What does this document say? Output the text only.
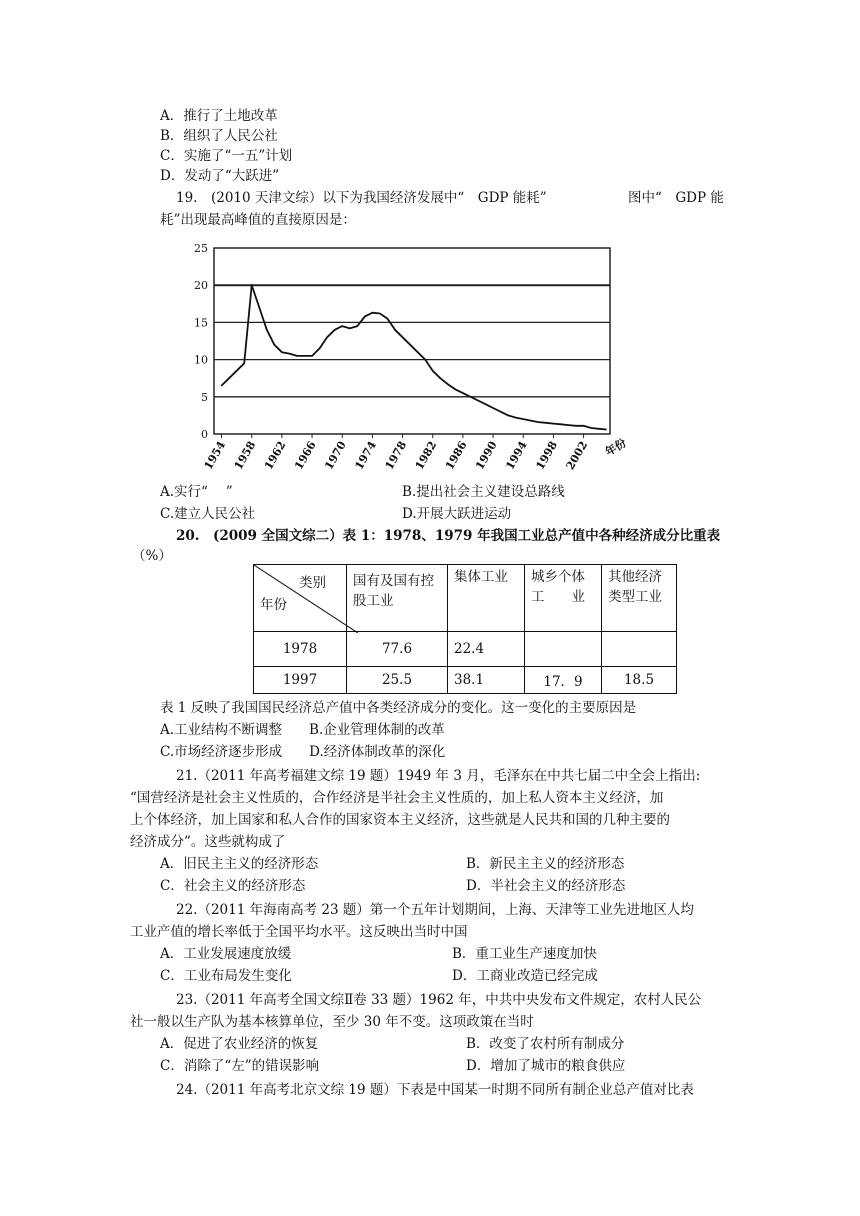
A．推行了土地改革
B．组织了人民公社
C．实施了“一五”计划
D．发动了“大跃进”
19.　(2010 天津文综）以下为我国经济发展中“　GDP 能耗”	图中“　GDP 能
耗”出现最高峰值的直接原因是：
0
5
10
15
20
25
1954 1958 1962 1966 1970 1974 1978 1982 1986 1990 1994 1998 2002 年份
A.实行“　 ”	B.提出社会主义建设总路线
C.建立人民公社	D.开展大跃进运动
20.　(2009 全国文综二）表 1：1978、1979 年我国工业总产值中各种经济成分比重表
（%）
类别
年份	国有及国有控股工业	集体工业	城乡个体工　　业	其他经济类型工业
1978	77.6	22.4		
1997	25.5	38.1	17．9	18.5
表 1 反映了我国国民经济总产值中各类经济成分的变化。这一变化的主要原因是
A.工业结构不断调整　　B.企业管理体制的改革
C.市场经济逐步形成　　D.经济体制改革的深化
21.（2011 年高考福建文综 19 题）1949 年 3 月，毛泽东在中共七届二中全会上指出:
“国营经济是社会主义性质的，合作经济是半社会主义性质的，加上私人资本主义经济，加
上个体经济，加上国家和私人合作的国家资本主义经济，这些就是人民共和国的几种主要的
经济成分”。这些就构成了
A．旧民主主义的经济形态	B．新民主主义的经济形态
C．社会主义的经济形态	D．半社会主义的经济形态
22.（2011 年海南高考 23 题）第一个五年计划期间，上海、天津等工业先进地区人均
工业产值的增长率低于全国平均水平。这反映出当时中国
A．工业发展速度放缓	B．重工业生产速度加快
C．工业布局发生变化	D．工商业改造已经完成
23.（2011 年高考全国文综Ⅱ卷 33 题）1962 年，中共中央发布文件规定，农村人民公
社一般以生产队为基本核算单位，至少 30 年不变。这项政策在当时
A．促进了农业经济的恢复	B．改变了农村所有制成分
C．消除了“左”的错误影响	D．增加了城市的粮食供应
24.（2011 年高考北京文综 19 题）下表是中国某一时期不同所有制企业总产值对比表
